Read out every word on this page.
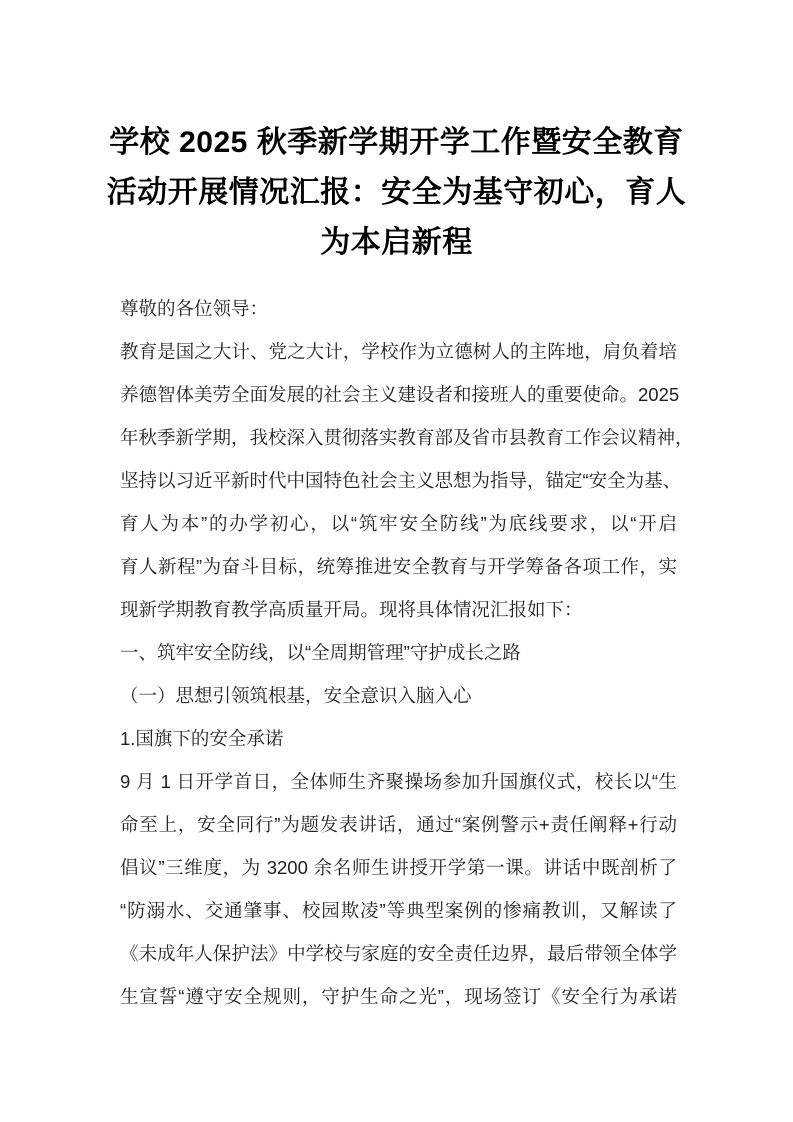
学校 2025 秋季新学期开学工作暨安全教育
活动开展情况汇报：安全为基守初心，育人
为本启新程
尊敬的各位领导：
教育是国之大计、党之大计，学校作为立德树人的主阵地，肩负着培
养德智体美劳全面发展的社会主义建设者和接班人的重要使命。2025
年秋季新学期，我校深入贯彻落实教育部及省市县教育工作会议精神，
坚持以习近平新时代中国特色社会主义思想为指导，锚定“安全为基、
育人为本”的办学初心，以“筑牢安全防线”为底线要求，以“开启
育人新程”为奋斗目标，统筹推进安全教育与开学筹备各项工作，实
现新学期教育教学高质量开局。现将具体情况汇报如下：
一、筑牢安全防线，以“全周期管理”守护成长之路
（一）思想引领筑根基，安全意识入脑入心
1.国旗下的安全承诺
9 月 1 日开学首日，全体师生齐聚操场参加升国旗仪式，校长以“生
命至上，安全同行”为题发表讲话，通过“案例警示+责任阐释+行动
倡议”三维度，为 3200 余名师生讲授开学第一课。讲话中既剖析了
“防溺水、交通肇事、校园欺凌”等典型案例的惨痛教训，又解读了
《未成年人保护法》中学校与家庭的安全责任边界，最后带领全体学
生宣誓“遵守安全规则，守护生命之光”，现场签订《安全行为承诺
